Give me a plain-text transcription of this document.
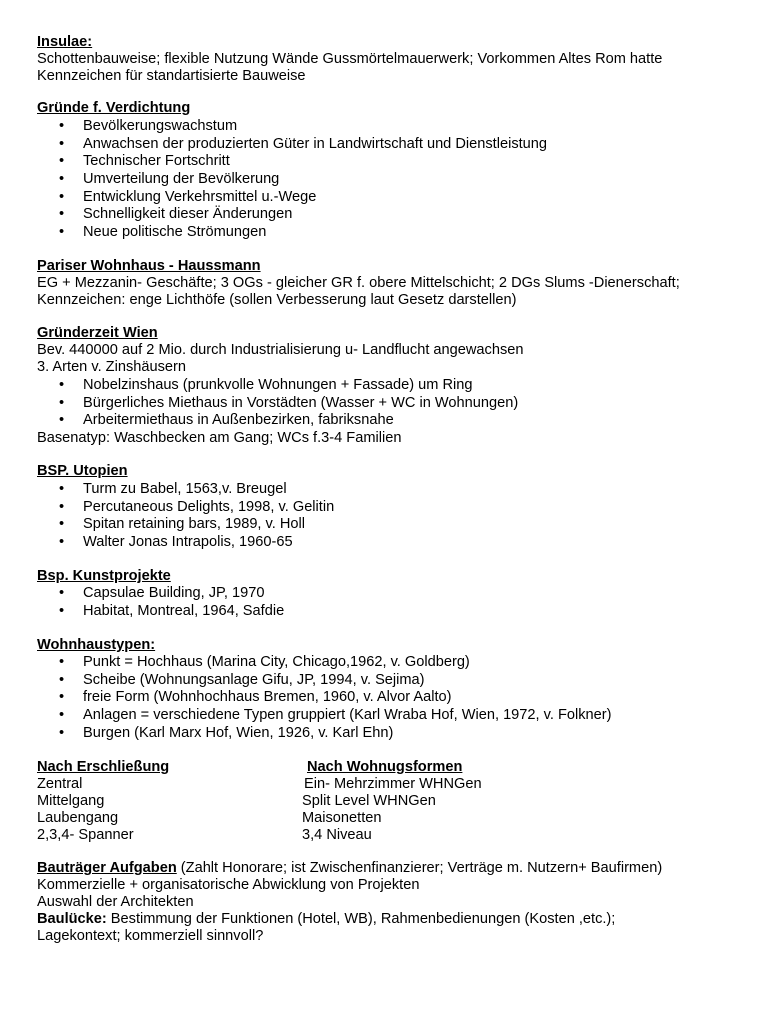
Insulae:
Schottenbauweise; flexible Nutzung Wände Gussmörtelmauerwerk; Vorkommen Altes Rom hatte
Kennzeichen für standartisierte Bauweise
Gründe f. Verdichtung
• Bevölkerungswachstum
• Anwachsen der produzierten Güter in Landwirtschaft und Dienstleistung
• Technischer Fortschritt
• Umverteilung der Bevölkerung
• Entwicklung Verkehrsmittel u.-Wege
• Schnelligkeit dieser Änderungen
• Neue politische Strömungen
Pariser Wohnhaus - Haussmann
EG + Mezzanin- Geschäfte; 3 OGs - gleicher GR f. obere Mittelschicht; 2 DGs Slums -Dienerschaft;
Kennzeichen: enge Lichthöfe (sollen Verbesserung laut Gesetz darstellen)
Gründerzeit Wien
Bev. 440000 auf 2 Mio. durch Industrialisierung u- Landflucht angewachsen
3. Arten v. Zinshäusern
• Nobelzinshaus (prunkvolle Wohnungen + Fassade) um Ring
• Bürgerliches Miethaus in Vorstädten (Wasser + WC in Wohnungen)
• Arbeitermiethaus in Außenbezirken, fabriksnahe
Basenatyp: Waschbecken am Gang; WCs f.3-4 Familien
BSP. Utopien
• Turm zu Babel, 1563,v. Breugel
• Percutaneous Delights, 1998, v. Gelitin
• Spitan retaining bars, 1989, v. Holl
• Walter Jonas Intrapolis, 1960-65
Bsp. Kunstprojekte
• Capsulae Building, JP, 1970
• Habitat, Montreal, 1964, Safdie
Wohnhaustypen:
• Punkt = Hochhaus (Marina City, Chicago,1962, v. Goldberg)
• Scheibe (Wohnungsanlage Gifu, JP, 1994, v. Sejima)
• freie Form (Wohnhochhaus Bremen, 1960, v. Alvor Aalto)
• Anlagen = verschiedene Typen gruppiert (Karl Wraba Hof, Wien, 1972, v. Folkner)
• Burgen (Karl Marx Hof, Wien, 1926, v. Karl Ehn)
Nach Erschließung	Nach Wohnugsformen
Zentral	Ein- Mehrzimmer WHNGen
Mittelgang	Split Level WHNGen
Laubengang	Maisonetten
2,3,4- Spanner	3,4 Niveau
Bauträger Aufgaben (Zahlt Honorare; ist Zwischenfinanzierer; Verträge m. Nutzern+ Baufirmen)
Kommerzielle + organisatorische Abwicklung von Projekten
Auswahl der Architekten
Baulücke: Bestimmung der Funktionen (Hotel, WB), Rahmenbedienungen (Kosten ,etc.);
Lagekontext; kommerziell sinnvoll?
